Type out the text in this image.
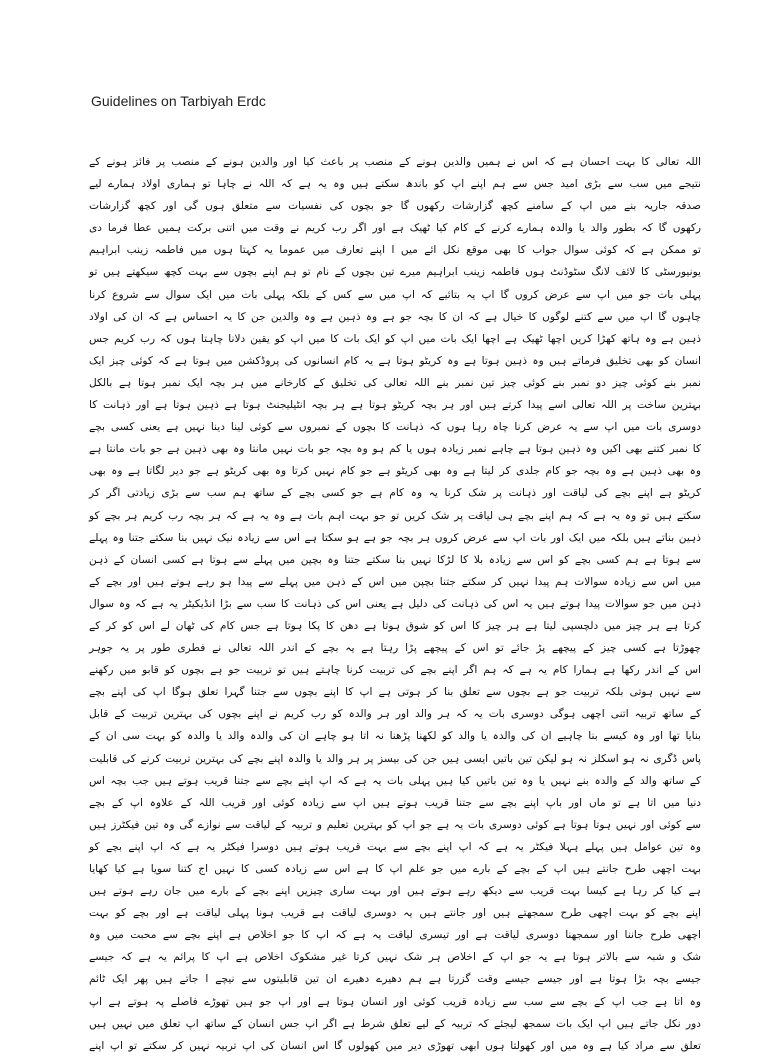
Guidelines on Tarbiyah Erdc
اللہ تعالی کا بہت احسان ہے کہ اس نے ہمیں والدین ہونے کے منصب پر باعث کیا اور والدین ہونے کے منصب پر فائز ہونے کے
نتیجے میں سب سے بڑی امید جس سے ہم اپنے اپ کو باندھ سکتے ہیں وہ یہ ہے کہ اللہ نے چاہا تو ہماری اولاد ہمارے لیے
صدقہ جاریہ بنے میں اپ کے سامنے کچھ گزارشات رکھوں گا جو بچوں کی نفسیات سے متعلق ہوں گی اور کچھ گزارشات
رکھوں گا کہ بطور والد یا والدہ ہمارے کرنے کے کام کیا ٹھیک ہے اور اگر رب کریم نے وقت میں اتنی برکت ہمیں عطا فرما دی
تو ممکن ہے کہ کوئی سوال جواب کا بھی موقع نکل ائے میں ا اپنے تعارف میں عموما یہ کہتا ہوں میں فاطمہ زینب ابراہیم
یونیورسٹی کا لائف لانگ سٹوڈنٹ ہوں فاطمہ زینب ابراہیم میرے تین بچوں کے نام تو ہم اپنے بچوں سے بہت کچھ سیکھتے ہیں تو
پہلی بات جو میں اپ سے عرض کروں گا اپ یہ بتائیے کہ اپ میں سے کس کے بلکہ پہلی بات میں ایک سوال سے شروع کرنا
چاہوں گا اپ میں سے کتنے لوگوں کا خیال ہے کہ ان کا بچہ جو ہے وہ ذہین ہے وہ والدین جن کا یہ احساس ہے کہ ان کی اولاد
ذہین ہے وہ ہاتھ کھڑا کریں اچھا ٹھیک ہے اچھا ایک بات میں اپ کو ایک بات کا میں اپ کو یقین دلانا چاہتا ہوں کہ رب کریم جس
انسان کو بھی تخلیق فرماتے ہیں وہ ذہین ہوتا ہے وہ کریٹو ہوتا ہے یہ کام انسانوں کی پروڈکشن میں ہوتا ہے کہ کوئی چیز ایک
نمبر بنے کوئی چیز دو نمبر بنے کوئی چیز تین نمبر بنے اللہ تعالی کی تخلیق کے کارخانے میں ہر بچہ ایک نمبر ہوتا ہے بالکل
بہترین ساخت پر اللہ تعالی اسے پیدا کرتے ہیں اور ہر بچہ کریٹو ہوتا ہے ہر بچہ انٹیلیجنٹ ہوتا ہے ذہین ہوتا ہے اور ذہانت کا
دوسری بات میں اپ سے یہ عرض کرنا چاہ رہا ہوں کہ ذہانت کا بچوں کے نمبروں سے کوئی لینا دینا نہیں ہے یعنی کسی بچے
کا نمبر کتنے بھی اکیں وہ ذہین ہوتا ہے چاہے نمبر زیادہ ہوں یا کم ہو وہ بچہ جو بات نہیں مانتا وہ بھی ذہین ہے جو بات مانتا ہے
وہ بھی ذہین ہے وہ بچہ جو کام جلدی کر لیتا ہے وہ بھی کریٹو ہے جو کام نہیں کرتا وہ بھی کریٹو ہے جو دیر لگاتا ہے وہ بھی
کریٹو ہے اپنے بچے کی لیاقت اور ذہانت پر شک کرنا یہ وہ کام ہے جو کسی بچے کے ساتھ ہم سب سے بڑی زیادتی اگر کر
سکتے ہیں تو وہ یہ ہے کہ ہم اپنے بچے ہی لیاقت پر شک کریں تو جو بہت اہم بات ہے وہ یہ ہے کہ ہر بچہ رب کریم ہر بچے کو
ذہین بناتے ہیں بلکہ میں ایک اور بات اپ سے عرض کروں ہر بچہ جو ہے ہو سکتا ہے اس سے زیادہ نیک نہیں بنا سکتے جتنا وہ پہلے
سے ہوتا ہے ہم کسی بچے کو اس سے زیادہ بلا کا لڑکا نہیں بنا سکتے جتنا وہ بچپن میں پہلے سے ہوتا ہے کسی انسان کے ذہن
میں اس سے زیادہ سوالات ہم پیدا نہیں کر سکتے جتنا بچپن میں اس کے ذہن میں پہلے سے پیدا ہو رہے ہوتے ہیں اور بچے کے
ذہن میں جو سوالات پیدا ہوتے ہیں یہ اس کی ذہانت کی دلیل ہے یعنی اس کی ذہانت کا سب سے بڑا انڈیکیٹر یہ ہے کہ وہ سوال
کرتا ہے ہر چیز میں دلچسپی لیتا ہے ہر چیز کا اس کو شوق ہوتا ہے دھن کا پکا ہوتا ہے جس کام کی ٹھان لے اس کو کر کے
چھوڑتا ہے کسی چیز کے پیچھے پڑ جائے تو اس کے پیچھے پڑا رہتا ہے یہ بچے کے اندر اللہ تعالی نے فطری طور پر یہ جوہر
اس کے اندر رکھا ہے ہمارا کام یہ ہے کہ ہم اگر اپنے بچے کی تربیت کرنا چاہتے ہیں تو تربیت جو ہے بچوں کو قابو میں رکھنے
سے نہیں ہوتی بلکہ تربیت جو ہے بچوں سے تعلق بنا کر ہوتی ہے اپ کا اپنے بچوں سے جتنا گہرا تعلق ہوگا اپ کی اپنے بچے
کے ساتھ تربیہ اتنی اچھی ہوگی دوسری بات یہ کہ ہر والد اور ہر والدہ کو رب کریم نے اپنے بچوں کی بہترین تربیت کے قابل
بنایا تھا اور وہ کیسے بنا چاہیے ان کی والدہ یا والد کو لکھنا پڑھنا نہ اتا ہو چاہے ان کی والدہ والد یا والدہ کو بہت سی ان کے
پاس ڈگری نہ ہو اسکلز نہ ہو لیکن تین باتیں ایسی ہیں جن کی بیسز پر ہر والد یا والدہ اپنے بچے کی بہترین تربیت کرنے کی قابلیت
کے ساتھ والد کے والدہ بنے نہیں یا وہ تین باتیں کیا ہیں پہلی بات یہ ہے کہ اپ اپنے بچے سے جتنا قریب ہوتے ہیں جب بچہ اس
دنیا میں اتا ہے تو ماں اور باپ اپنے بچے سے جتنا قریب ہوتے ہیں اپ سے زیادہ کوئی اور قریب اللہ کے علاوہ اپ کے بچے
سے کوئی اور نہیں ہوتا ہوتا ہے کوئی دوسری بات یہ ہے جو اپ کو بہترین تعلیم و تربیہ کے لیاقت سے نوازے گی وہ تین فیکٹرز ہیں
وہ تین عوامل ہیں پہلے ہہلا فیکٹر یہ ہے کہ اپ اپنے بچے سے بہت قریب ہوتے ہیں دوسرا فیکٹر یہ ہے کہ اپ اپنے بچے کو
بہت اچھی طرح جانتے ہیں اپ کے بچے کے بارے میں جو علم اپ کا ہے اس سے زیادہ کسی کا نہیں اج کتنا سویا ہے کیا کھایا
ہے کیا کر رہا ہے کیسا بہت قریب سے دیکھ رہے ہوتے ہیں اور بہت ساری چیزیں اپنے بچے کے بارے میں جان رہے ہوتے ہیں
اپنے بچے کو بہت اچھی طرح سمجھتے ہیں اور جانتے ہیں یہ دوسری لیاقت ہے قریب ہونا پہلی لیاقت ہے اور بچے کو بہت
اچھی طرح جاننا اور سمجھنا دوسری لیاقت ہے اور تیسری لیاقت یہ ہے کہ اپ کا جو اخلاص ہے اپنے بچے سے محبت میں وہ
شک و شبہ سے بالاتر ہوتا ہے یہ جو اپ کے اخلاص ہر شک نہیں کرتا غیر مشکوک اخلاص ہے اپ کا پرائم یہ ہے کہ جیسے
جیسے بچہ بڑا ہوتا ہے اور جیسے جیسے وقت گزرتا ہے ہم دھیرے دھیرے ان تین قابلیتوں سے نیچے ا جاتے ہیں پھر ایک ٹائم
وہ اتا ہے جب اپ کے بچے سے سب سے زیادہ قریب کوئی اور انسان ہوتا ہے اور اپ جو ہیں تھوڑے فاصلے پہ ہوتے ہے اپ
دور نکل جاتے ہیں اپ ایک بات سمجھ لیجئے کہ تربیہ کے لیے تعلق شرط ہے اگر اپ جس انسان کے ساتھ اپ تعلق میں نہیں ہیں
تعلق سے مراد کیا ہے وہ میں اور کھولتا ہوں ابھی تھوڑی دیر میں کھولوں گا اس انسان کی اپ تربیہ نہیں کر سکتے تو اپ اپنے
